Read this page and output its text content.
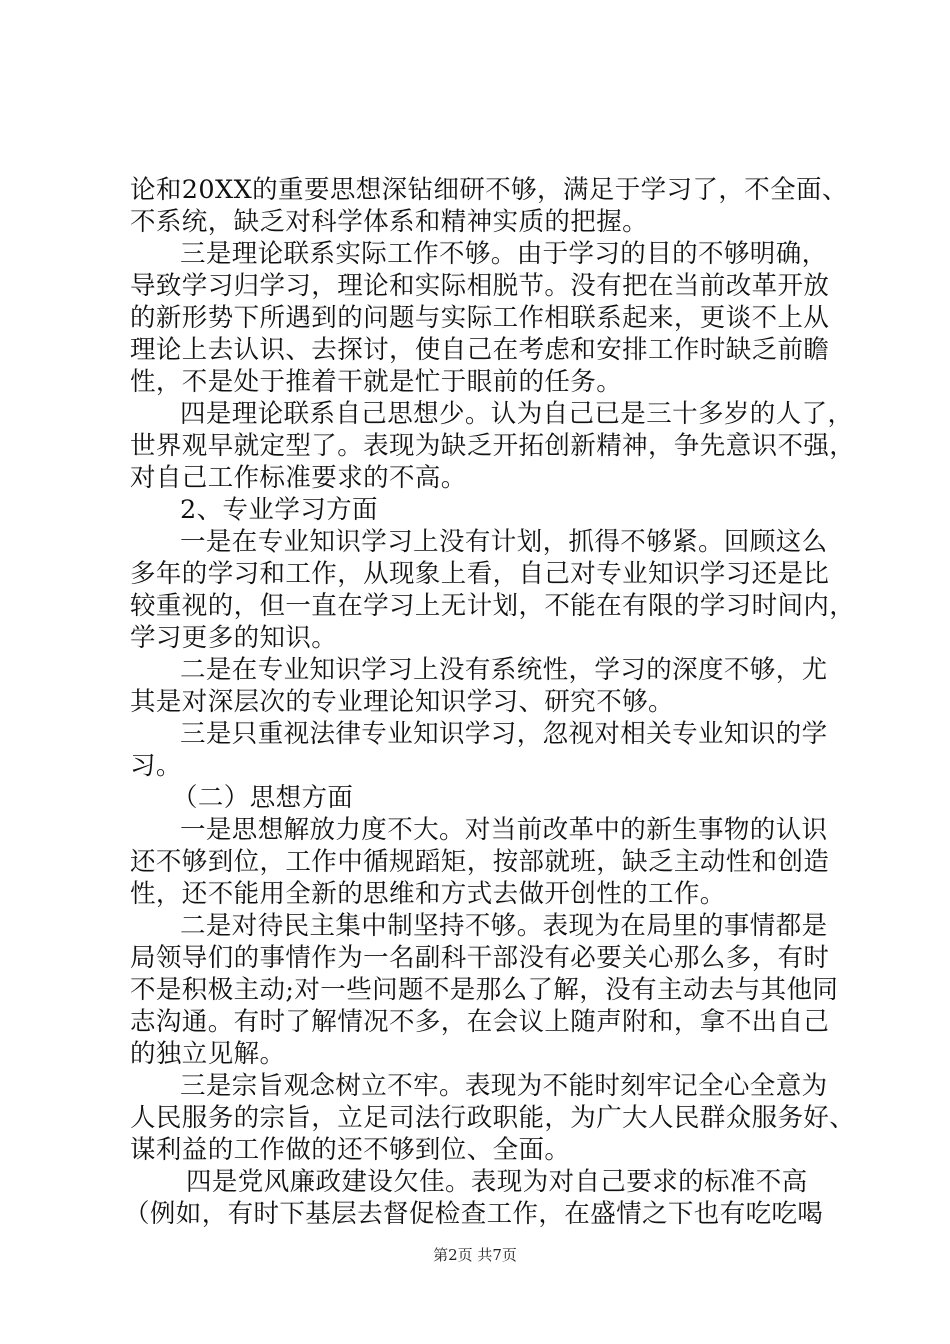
论和20XX的重要思想深钻细研不够，满足于学习了，不全面、
不系统，缺乏对科学体系和精神实质的把握。
三是理论联系实际工作不够。由于学习的目的不够明确，
导致学习归学习，理论和实际相脱节。没有把在当前改革开放
的新形势下所遇到的问题与实际工作相联系起来，更谈不上从
理论上去认识、去探讨，使自己在考虑和安排工作时缺乏前瞻
性，不是处于推着干就是忙于眼前的任务。
四是理论联系自己思想少。认为自己已是三十多岁的人了，
世界观早就定型了。表现为缺乏开拓创新精神，争先意识不强，
对自己工作标准要求的不高。
2、专业学习方面
一是在专业知识学习上没有计划，抓得不够紧。回顾这么
多年的学习和工作，从现象上看，自己对专业知识学习还是比
较重视的，但一直在学习上无计划，不能在有限的学习时间内，
学习更多的知识。
二是在专业知识学习上没有系统性，学习的深度不够，尤
其是对深层次的专业理论知识学习、研究不够。
三是只重视法律专业知识学习，忽视对相关专业知识的学
习。
（二）思想方面
一是思想解放力度不大。对当前改革中的新生事物的认识
还不够到位，工作中循规蹈矩，按部就班，缺乏主动性和创造
性，还不能用全新的思维和方式去做开创性的工作。
二是对待民主集中制坚持不够。表现为在局里的事情都是
局领导们的事情作为一名副科干部没有必要关心那么多，有时
不是积极主动;对一些问题不是那么了解，没有主动去与其他同
志沟通。有时了解情况不多，在会议上随声附和，拿不出自己
的独立见解。
三是宗旨观念树立不牢。表现为不能时刻牢记全心全意为
人民服务的宗旨，立足司法行政职能，为广大人民群众服务好、
谋利益的工作做的还不够到位、全面。
四是党风廉政建设欠佳。表现为对自己要求的标准不高
（例如，有时下基层去督促检查工作，在盛情之下也有吃吃喝
第2页 共7页
